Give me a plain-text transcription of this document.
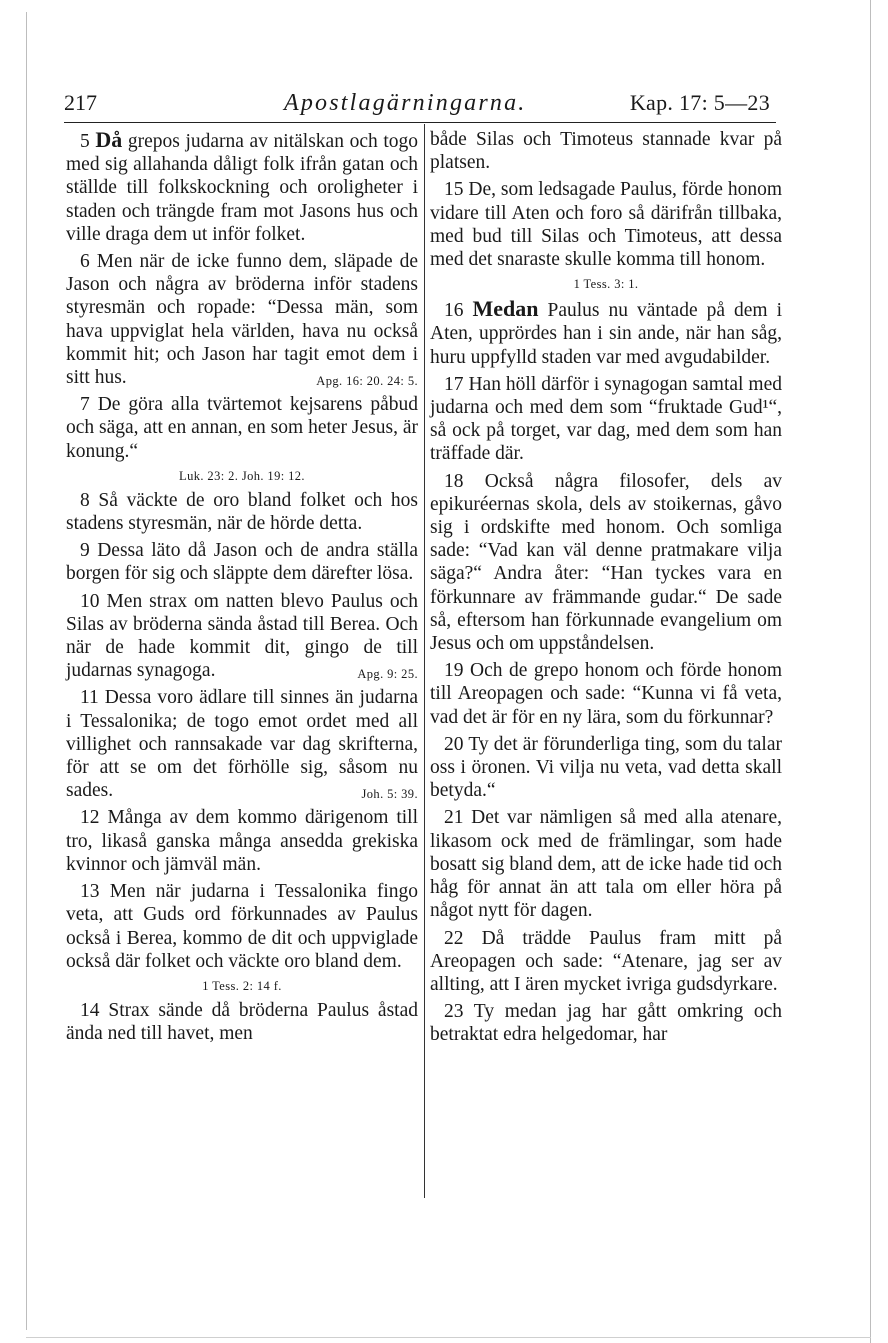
217	Apostlagärningarna.	Kap. 17: 5—23

5 Då grepos judarna av nitälskan och togo med sig allahanda dåligt folk ifrån gatan och ställde till folkskockning och oroligheter i staden och trängde fram mot Jasons hus och ville draga dem ut inför folket.

6 Men när de icke funno dem, släpade de Jason och några av bröderna inför stadens styresmän och ropade: “Dessa män, som hava uppviglat hela världen, hava nu också kommit hit; och Jason har tagit emot dem i sitt hus.	Apg. 16: 20. 24: 5.

7 De göra alla tvärtemot kejsarens påbud och säga, att en annan, en som heter Jesus, är konung.“

Luk. 23: 2. Joh. 19: 12.

8 Så väckte de oro bland folket och hos stadens styresmän, när de hörde detta.

9 Dessa läto då Jason och de andra ställa borgen för sig och släppte dem därefter lösa.

10 Men strax om natten blevo Paulus och Silas av bröderna sända åstad till Berea. Och när de hade kommit dit, gingo de till judarnas synagoga.	Apg. 9: 25.

11 Dessa voro ädlare till sinnes än judarna i Tessalonika; de togo emot ordet med all villighet och rannsakade var dag skrifterna, för att se om det förhölle sig, såsom nu sades.	Joh. 5: 39.

12 Många av dem kommo därigenom till tro, likaså ganska många ansedda grekiska kvinnor och jämväl män.

13 Men när judarna i Tessalonika fingo veta, att Guds ord förkunnades av Paulus också i Berea, kommo de dit och uppviglade också där folket och väckte oro bland dem.

1 Tess. 2: 14 f.

14 Strax sände då bröderna Paulus åstad ända ned till havet, men

både Silas och Timoteus stannade kvar på platsen.

15 De, som ledsagade Paulus, förde honom vidare till Aten och foro så därifrån tillbaka, med bud till Silas och Timoteus, att dessa med det snaraste skulle komma till honom.

1 Tess. 3: 1.

16 Medan Paulus nu väntade på dem i Aten, upprördes han i sin ande, när han såg, huru uppfylld staden var med avgudabilder.

17 Han höll därför i synagogan samtal med judarna och med dem som “fruktade Gud¹“, så ock på torget, var dag, med dem som han träffade där.

18 Också några filosofer, dels av epikuréernas skola, dels av stoikernas, gåvo sig i ordskifte med honom. Och somliga sade: “Vad kan väl denne pratmakare vilja säga?“ Andra åter: “Han tyckes vara en förkunnare av främmande gudar.“ De sade så, eftersom han förkunnade evangelium om Jesus och om uppståndelsen.

19 Och de grepo honom och förde honom till Areopagen och sade: “Kunna vi få veta, vad det är för en ny lära, som du förkunnar?

20 Ty det är förunderliga ting, som du talar oss i öronen. Vi vilja nu veta, vad detta skall betyda.“

21 Det var nämligen så med alla atenare, likasom ock med de främlingar, som hade bosatt sig bland dem, att de icke hade tid och håg för annat än att tala om eller höra på något nytt för dagen.

22 Då trädde Paulus fram mitt på Areopagen och sade: “Atenare, jag ser av allting, att I ären mycket ivriga gudsdyrkare.

23 Ty medan jag har gått omkring och betraktat edra helgedomar, har
